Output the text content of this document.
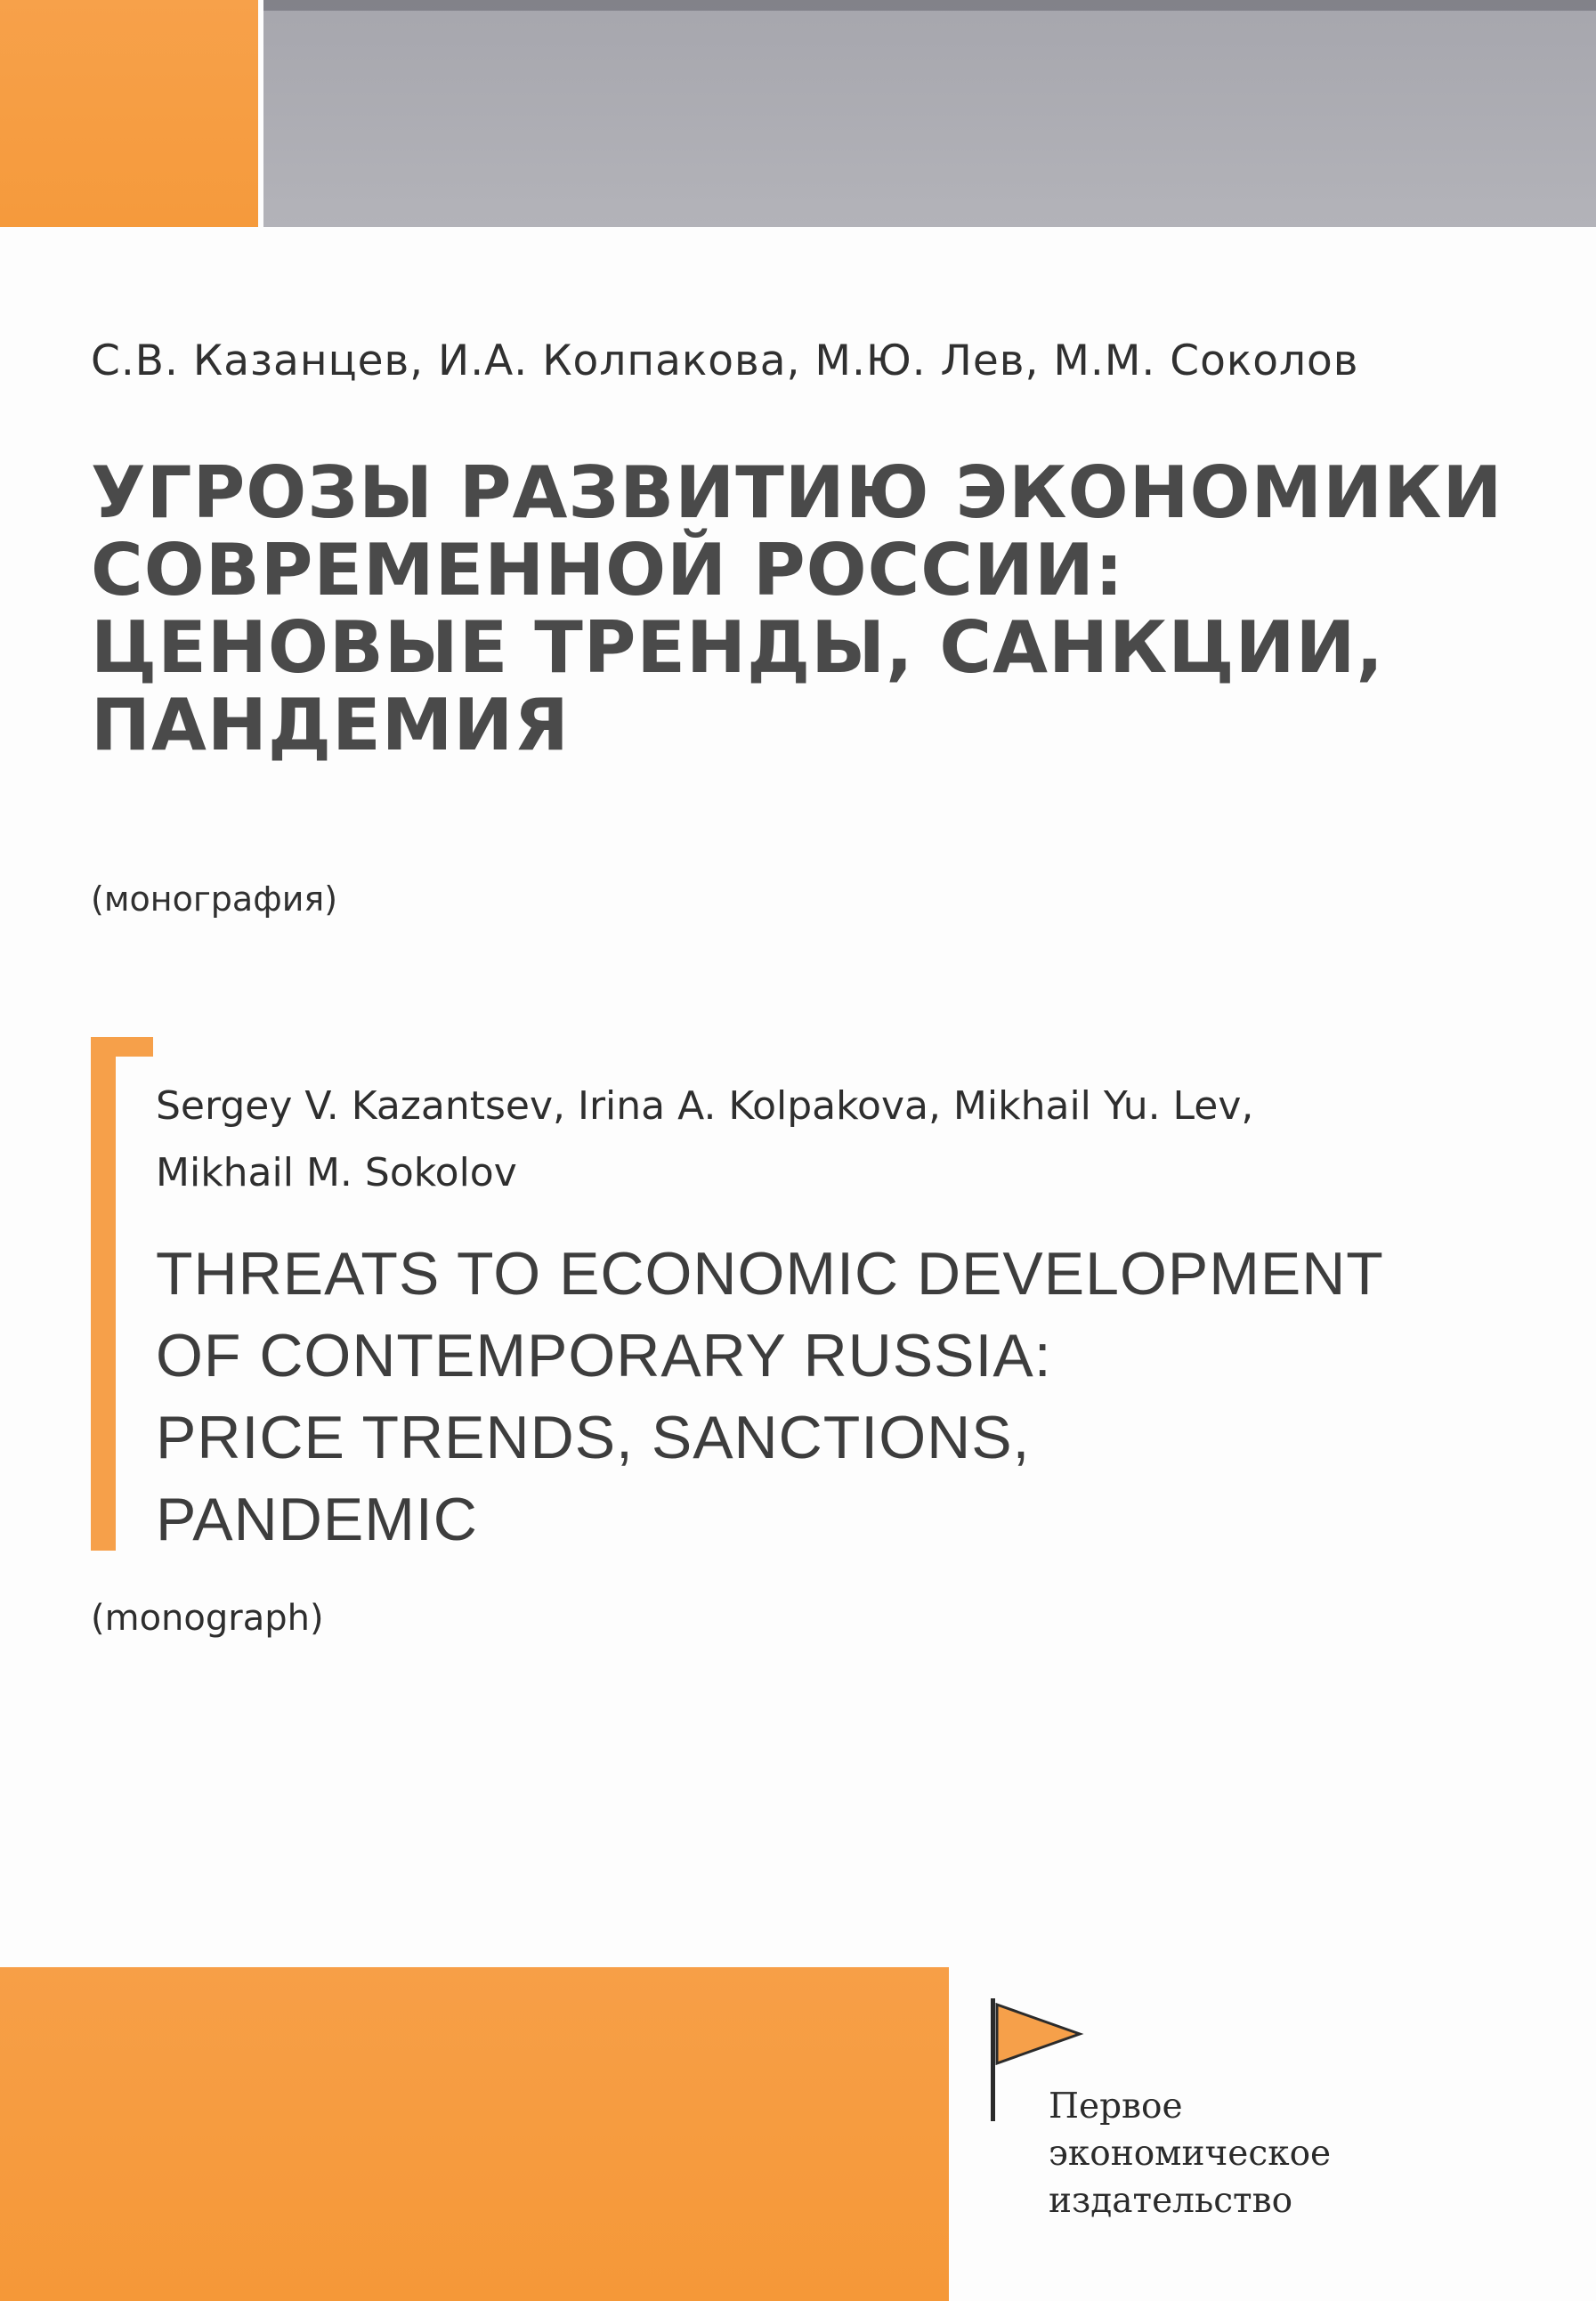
С.В. Казанцев, И.А. Колпакова, М.Ю. Лев, М.М. Соколов
УГРОЗЫ РАЗВИТИЮ ЭКОНОМИКИ
СОВРЕМЕННОЙ РОССИИ:
ЦЕНОВЫЕ ТРЕНДЫ, САНКЦИИ,
ПАНДЕМИЯ
(монография)
Sergey V. Kazantsev, Irina A. Kolpakova, Mikhail Yu. Lev,
Mikhail M. Sokolov
THREATS TO ECONOMIC DEVELOPMENT
OF CONTEMPORARY RUSSIA:
PRICE TRENDS, SANCTIONS,
PANDEMIC
(monograph)
Первое
экономическое
издательство
